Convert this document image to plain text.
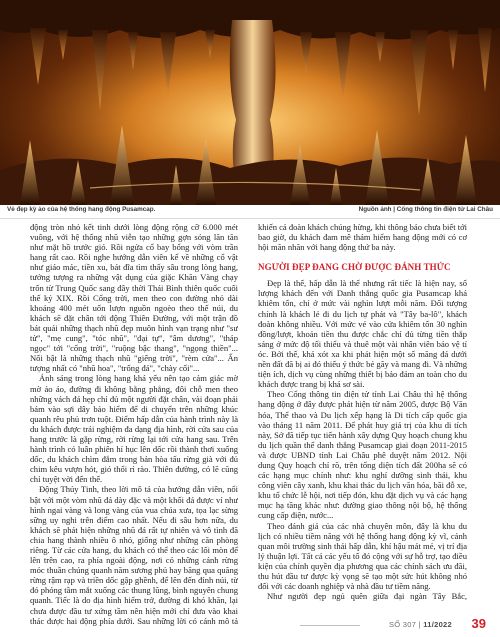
Vẻ đẹp kỳ ảo của hệ thống hang động Pusamcap.	Nguồn ảnh | Cổng thông tin điện tử Lai Châu

động tròn nhỏ kết tinh dưới lòng động rộng cỡ 6.000 mét vuông, với hệ thống nhũ viễn tạo những gợn sóng lăn tăn như mặt hồ trước gió. Rồi ngửa cổ bay bổng với vòm trần hang rất cao. Rồi nghe hướng dẫn viên kể về những cổ vật như giáo mác, tiền xu, bát đĩa tìm thấy sâu trong lòng hang, tưởng tượng ra những vật dụng của giặc Khăn Vàng chạy trốn từ Trung Quốc sang đây thời Thái Bình thiên quốc cuối thế kỷ XIX. Rồi Cổng trời, men theo con đường nhỏ dài khoảng 400 mét uốn lượn nguồn ngoèo theo thế núi, du khách sẽ đặt chân tới động Thiên Đường, với một trận đồ bát quái những thạch nhũ đẹp muôn hình vạn trạng như "sư tử", "mẹ cung", "tóc nhũ", "đại tự", "âm dương", "tháp ngọc" tới "cổng trời", "ruộng bậc thang", "ngọng thiền"... Nối bật là những thạch nhũ "giếng trời", "rèm cửa"... Ấn tượng nhất có "nhũ hoa", "trống đá", "chày cối"...

Ánh sáng trong lòng hang khá yếu nên tạo cảm giác mờ mờ ảo ảo, đường đi không bằng phẳng, đôi chỗ men theo những vách đá hẹp chỉ đủ một người đặt chân, vài đoạn phải bám vào sợi dây bảo hiểm để di chuyển trên những khúc quanh rêu phủ trơn tuột. Điểm hấp dẫn của hành trình này là du khách được trải nghiệm đa dạng địa hình, rời cửa sau của hang trước là gặp rừng, rời rừng lại tới cửa hang sau. Trên hành trình có luân phiên hí hục lên dốc rồi thành thơi xuống dốc, du khách chìm đắm trong bản hòa tấu rừng già với đủ chim kêu vượn hót, gió thổi rì rào. Thiên đường, có lẽ cũng chỉ tuyệt vời đến thế.

Động Thủy Tinh, theo lời mô tả của hướng dẫn viên, nổi bật với một vòm nhũ đá dày đặc và một khối đá được ví như hình ngai vàng và long vàng của vua chúa xưa, tọa lạc sừng sững uy nghi trên điểm cao nhất. Nếu đi sâu hơn nữa, du khách sẽ phát hiện những nhũ đá rất tự nhiên và vô tình đã chia hang thành nhiều ô nhỏ, giống như những căn phòng riêng. Từ các cửa hang, du khách có thể theo các lối mòn để lên trên cao, ra phía ngoài động, nơi có những cánh rừng móc thuần chúng quanh năm sương phủ hay băng qua quãng rừng rậm rạp và triền dốc gập ghềnh, để lên đến đỉnh núi, từ đó phóng tầm mắt xuống các thung lũng, bình nguyên chung quanh. Tiếc là do địa hình hiểm trở, đường đi khó khăn, lại chưa được đầu tư xứng tầm nên hiện mới chỉ đưa vào khai thác được hai động phía dưới. Sau những lời có cánh mô tả

khiến cả đoàn khách chúng hừng, khi thông báo chưa biết tới bao giờ, du khách đam mê thám hiểm hang động mới có cơ hội mãn nhãn với hang động thứ ba này.

NGƯỜI ĐẸP ĐANG CHỜ ĐƯỢC ĐÁNH THỨC

Đẹp là thế, hấp dẫn là thế nhưng rất tiếc là hiện nay, số lượng khách đến với Danh thắng quốc gia Pusamcap khá khiêm tốn, chỉ ở mức vài nghìn lượt mỗi năm. Đối tượng chính là khách lẻ đi du lịch tự phát và "Tây ba-lô", khách đoàn không nhiều. Với mức vé vào cửa khiêm tốn 30 nghìn đồng/lượt, khoản tiền thu được chắc chỉ đủ từng tiền thắp sáng ở mức độ tối thiểu và thuê một vài nhân viên bảo vệ tí óc. Bởi thế, khá xót xa khi phát hiện một số măng đá dưới nền đất đã bị ai đó thiếu ý thức bẻ gãy và mang đi. Và những tiện ích, dịch vụ cùng những thiết bị bảo đảm an toàn cho du khách được trang bị khá sơ sài.

Theo Cổng thông tin điện tử tỉnh Lai Châu thì hệ thống hang động ở đây được phát hiện từ năm 2005, được Bộ Văn hóa, Thể thao và Du lịch xếp hạng là Di tích cấp quốc gia vào tháng 11 năm 2011. Để phát huy giá trị của khu di tích này, Sở đã tiếp tục tiến hành xây dựng Quy hoạch chung khu du lịch quần thể danh thắng Pusamcap giai đoạn 2011-2015 và được UBND tỉnh Lai Châu phê duyệt năm 2012. Nội dung Quy hoạch chỉ rõ, trên tổng diện tích đất 200ha sẽ có các hạng mục chính như: khu nghỉ dưỡng sinh thái, khu công viên cây xanh, khu khai thác du lịch văn hóa, bãi đỗ xe, khu tổ chức lễ hội, nơi tiếp đón, khu đặt dịch vụ và các hạng mục hạ tầng khác như: đường giao thông nội bộ, hệ thống cung cấp điện, nước...

Theo đánh giá của các nhà chuyên môn, đây là khu du lịch có nhiều tiềm năng với hệ thống hang động kỳ vĩ, cảnh quan môi trường sinh thái hấp dẫn, khí hậu mát mẻ, vị trí địa lý thuận lợi. Tất cả các yếu tố đó cộng với sự hỗ trợ, tạo điều kiện của chính quyền địa phương qua các chính sách ưu đãi, thu hút đầu tư được kỳ vọng sẽ tạo một sức hút không nhỏ đối với các doanh nghiệp và nhà đầu tư tiềm năng.

Như người đẹp ngủ quên giữa đại ngàn Tây Bắc,

SỐ 307 | 11/2022 39
